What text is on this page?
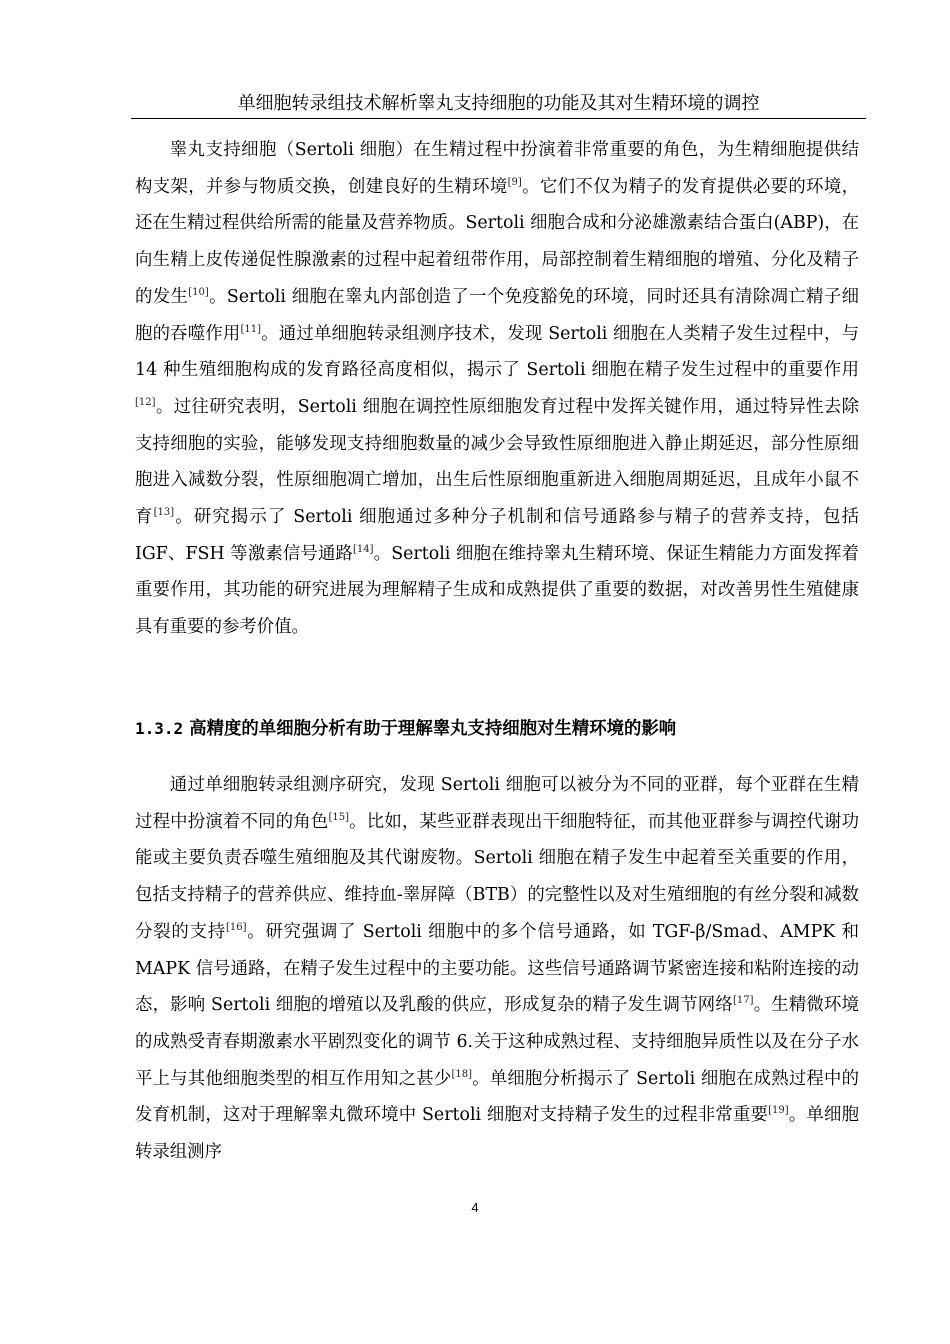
单细胞转录组技术解析睾丸支持细胞的功能及其对生精环境的调控

睾丸支持细胞（Sertoli 细胞）在生精过程中扮演着非常重要的角色，为生精细胞提供结构支架，并参与物质交换，创建良好的生精环境[9]。它们不仅为精子的发育提供必要的环境，还在生精过程供给所需的能量及营养物质。Sertoli 细胞合成和分泌雄激素结合蛋白(ABP)，在向生精上皮传递促性腺激素的过程中起着纽带作用，局部控制着生精细胞的增殖、分化及精子的发生[10]。Sertoli 细胞在睾丸内部创造了一个免疫豁免的环境，同时还具有清除凋亡精子细胞的吞噬作用[11]。通过单细胞转录组测序技术，发现 Sertoli 细胞在人类精子发生过程中，与 14 种生殖细胞构成的发育路径高度相似，揭示了 Sertoli 细胞在精子发生过程中的重要作用[12]。过往研究表明，Sertoli 细胞在调控性原细胞发育过程中发挥关键作用，通过特异性去除支持细胞的实验，能够发现支持细胞数量的减少会导致性原细胞进入静止期延迟，部分性原细胞进入减数分裂，性原细胞凋亡增加，出生后性原细胞重新进入细胞周期延迟，且成年小鼠不育[13]。研究揭示了 Sertoli 细胞通过多种分子机制和信号通路参与精子的营养支持，包括 IGF、FSH 等激素信号通路[14]。Sertoli 细胞在维持睾丸生精环境、保证生精能力方面发挥着重要作用，其功能的研究进展为理解精子生成和成熟提供了重要的数据，对改善男性生殖健康具有重要的参考价值。

1.3.2 高精度的单细胞分析有助于理解睾丸支持细胞对生精环境的影响

通过单细胞转录组测序研究，发现 Sertoli 细胞可以被分为不同的亚群，每个亚群在生精过程中扮演着不同的角色[15]。比如，某些亚群表现出干细胞特征，而其他亚群参与调控代谢功能或主要负责吞噬生殖细胞及其代谢废物。Sertoli 细胞在精子发生中起着至关重要的作用，包括支持精子的营养供应、维持血-睾屏障（BTB）的完整性以及对生殖细胞的有丝分裂和减数分裂的支持[16]。研究强调了 Sertoli 细胞中的多个信号通路，如 TGF-β/Smad、AMPK 和 MAPK 信号通路，在精子发生过程中的主要功能。这些信号通路调节紧密连接和粘附连接的动态，影响 Sertoli 细胞的增殖以及乳酸的供应，形成复杂的精子发生调节网络[17]。生精微环境的成熟受青春期激素水平剧烈变化的调节 6.关于这种成熟过程、支持细胞异质性以及在分子水平上与其他细胞类型的相互作用知之甚少[18]。单细胞分析揭示了 Sertoli 细胞在成熟过程中的发育机制，这对于理解睾丸微环境中 Sertoli 细胞对支持精子发生的过程非常重要[19]。单细胞转录组测序

4
